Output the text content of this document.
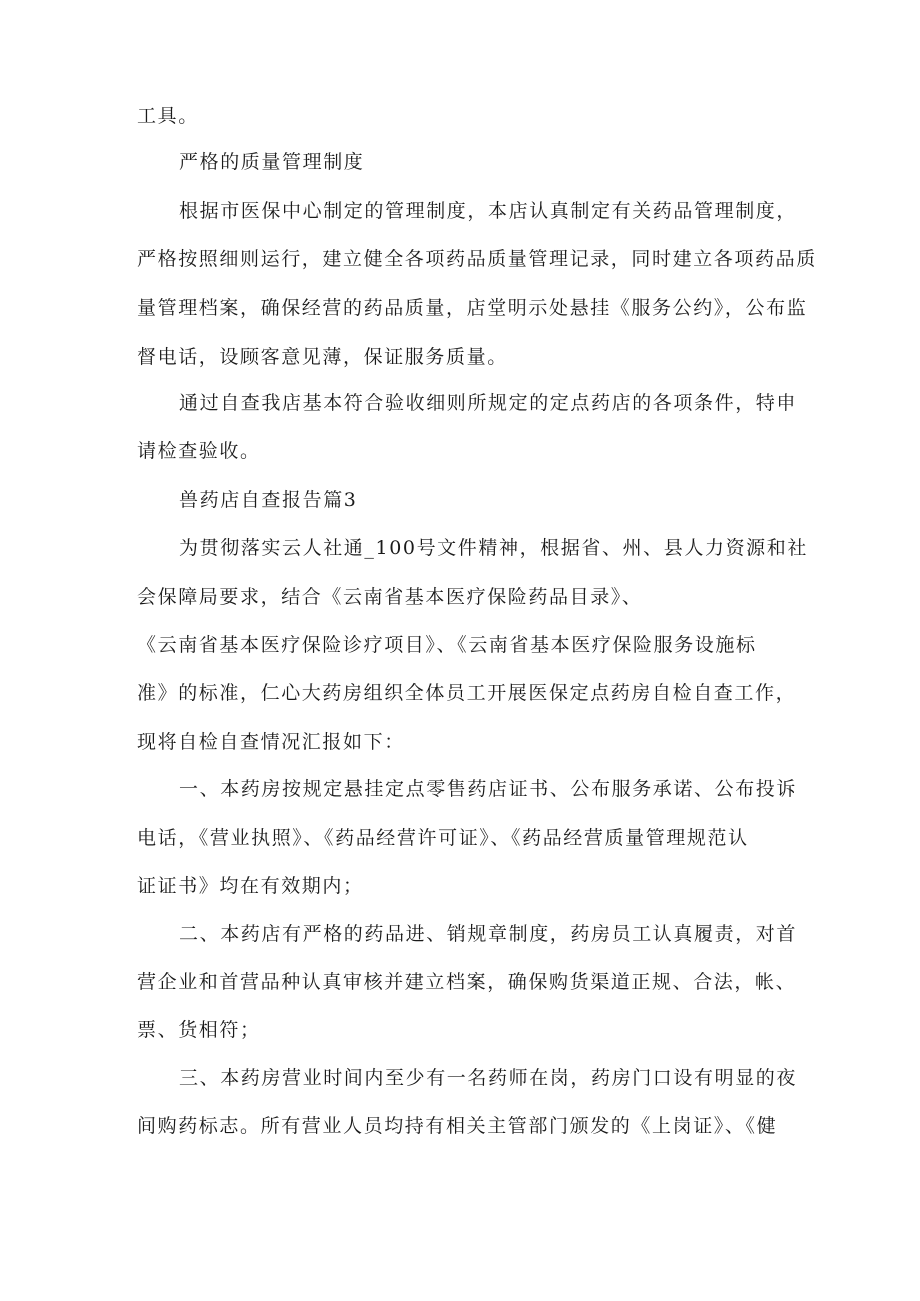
工具。
严格的质量管理制度
根据市医保中心制定的管理制度，本店认真制定有关药品管理制度，
严格按照细则运行，建立健全各项药品质量管理记录，同时建立各项药品质
量管理档案，确保经营的药品质量，店堂明示处悬挂《服务公约》，公布监
督电话，设顾客意见薄，保证服务质量。
通过自查我店基本符合验收细则所规定的定点药店的各项条件，特申
请检查验收。
兽药店自查报告篇3
为贯彻落实云人社通_100号文件精神，根据省、州、县人力资源和社
会保障局要求，结合《云南省基本医疗保险药品目录》、
《云南省基本医疗保险诊疗项目》、《云南省基本医疗保险服务设施标
准》的标准，仁心大药房组织全体员工开展医保定点药房自检自查工作，
现将自检自查情况汇报如下：
一、本药房按规定悬挂定点零售药店证书、公布服务承诺、公布投诉
电话，《营业执照》、《药品经营许可证》、《药品经营质量管理规范认
证证书》均在有效期内；
二、本药店有严格的药品进、销规章制度，药房员工认真履责，对首
营企业和首营品种认真审核并建立档案，确保购货渠道正规、合法，帐、
票、货相符；
三、本药房营业时间内至少有一名药师在岗，药房门口设有明显的夜
间购药标志。所有营业人员均持有相关主管部门颁发的《上岗证》、《健
